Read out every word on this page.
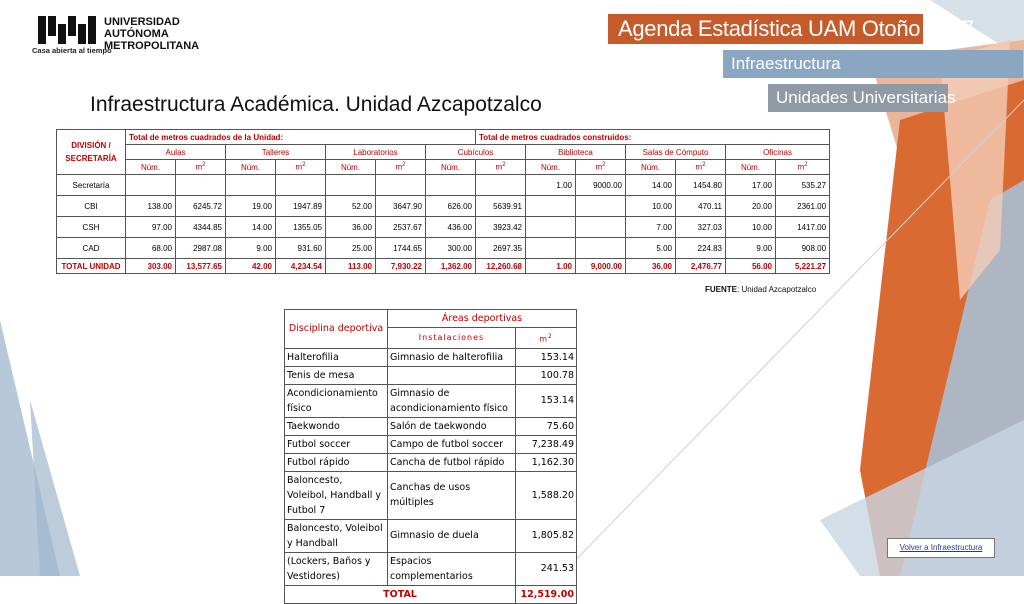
UNIVERSIDAD
AUTÓNOMA
METROPOLITANA
Casa abierta al tiempo
Agenda Estadística UAM Otoño 2017
Infraestructura
Unidades Universitarias
Infraestructura Académica. Unidad Azcapotzalco
DIVISIÓN / SECRETARÍA	Total de metros cuadrados de la Unidad:							Total de metros cuadrados construidos:						
	Aulas		Talleres		Laboratorios		Cubículos		Biblioteca		Salas de Cómputo		Oficinas	
	Núm.	$m^2$	Núm.	$m^2$	Núm.	$m^2$	Núm.	$m^2$	Núm.	$m^2$	Núm.	$m^2$	Núm.	$m^2$
Secretaría									1.00	9000.00	14.00	1454.80	17.00	535.27
CBI	138.00	6245.72	19.00	1947.89	52.00	3647.90	626.00	5639.91			10.00	470.11	20.00	2361.00
CSH	97.00	4344.85	14.00	1355.05	36.00	2537.67	436.00	3923.42			7.00	327.03	10.00	1417.00
CAD	68.00	2987.08	9.00	931.60	25.00	1744.65	300.00	2697.35			5.00	224.83	9.00	908.00
TOTAL UNIDAD	303.00	13,577.65	42.00	4,234.54	113.00	7,930.22	1,362.00	12,260.68	1.00	9,000.00	36.00	2,476.77	56.00	5,221.27
FUENTE: Unidad Azcapotzalco
Disciplina deportiva	Áreas deportivas	
	Instalaciones	$m^2$
Halterofilia	Gimnasio de halterofilia	153.14
Tenis de mesa		100.78
Acondicionamiento físico	Gimnasio de acondicionamiento físico	153.14
Taekwondo	Salón de taekwondo	75.60
Futbol soccer	Campo de futbol soccer	7,238.49
Futbol rápido	Cancha de futbol rápido	1,162.30
Baloncesto, Voleibol, Handball y Futbol 7	Canchas de usos múltiples	1,588.20
Baloncesto, Voleibol y Handball	Gimnasio de duela	1,805.82
(Lockers, Baños y Vestidores)	Espacios complementarios	241.53
TOTAL		12,519.00
Volver a Infraestructura
